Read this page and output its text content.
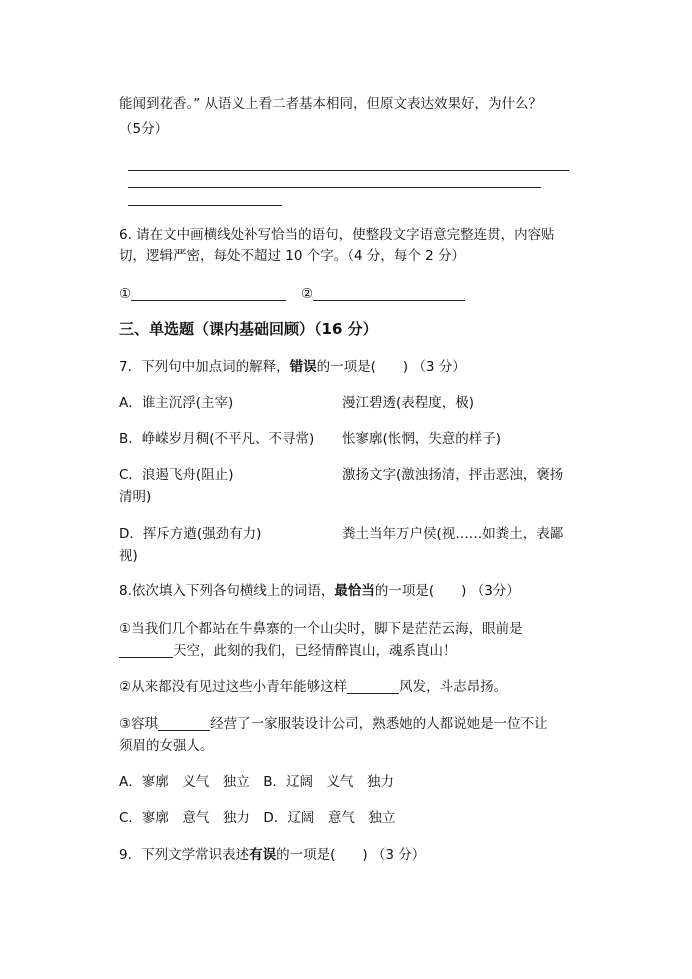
能闻到花香。” 从语义上看二者基本相同，但原文表达效果好，为什么？
（5分）
6. 请在文中画横线处补写恰当的语句，使整段文字语意完整连贯，内容贴
切，逻辑严密，每处不超过 10 个字。（4 分，每个 2 分）
①	②
三、单选题（课内基础回顾）（16 分）
7．下列句中加点词的解释，错误的一项是(　　) （3 分）
A．谁主沉浮(主宰)	漫江碧透(表程度，极)
B．峥嵘岁月稠(不平凡、不寻常) 怅寥廓(怅惘，失意的样子)
C．浪遏飞舟(阻止)	激扬文字(激浊扬清，抨击恶浊，褒扬
清明)
D．挥斥方遒(强劲有力)	粪土当年万户侯(视……如粪土，表鄙
视)
8.依次填入下列各句横线上的词语，最恰当的一项是(　　) （3分）
①当我们几个都站在牛鼻寨的一个山尖时，脚下是茫茫云海，眼前是
天空，此刻的我们，已经情醉崀山，魂系崀山！
②从来都没有见过这些小青年能够这样	风发，斗志昂扬。
③容琪	经营了一家服装设计公司，熟悉她的人都说她是一位不让
须眉的女强人。
A．寥廓　义气　独立　B．辽阔　义气　独力
C．寥廓　意气　独力　D．辽阔　意气　独立
9．下列文学常识表述有误的一项是(　　) （3 分）
